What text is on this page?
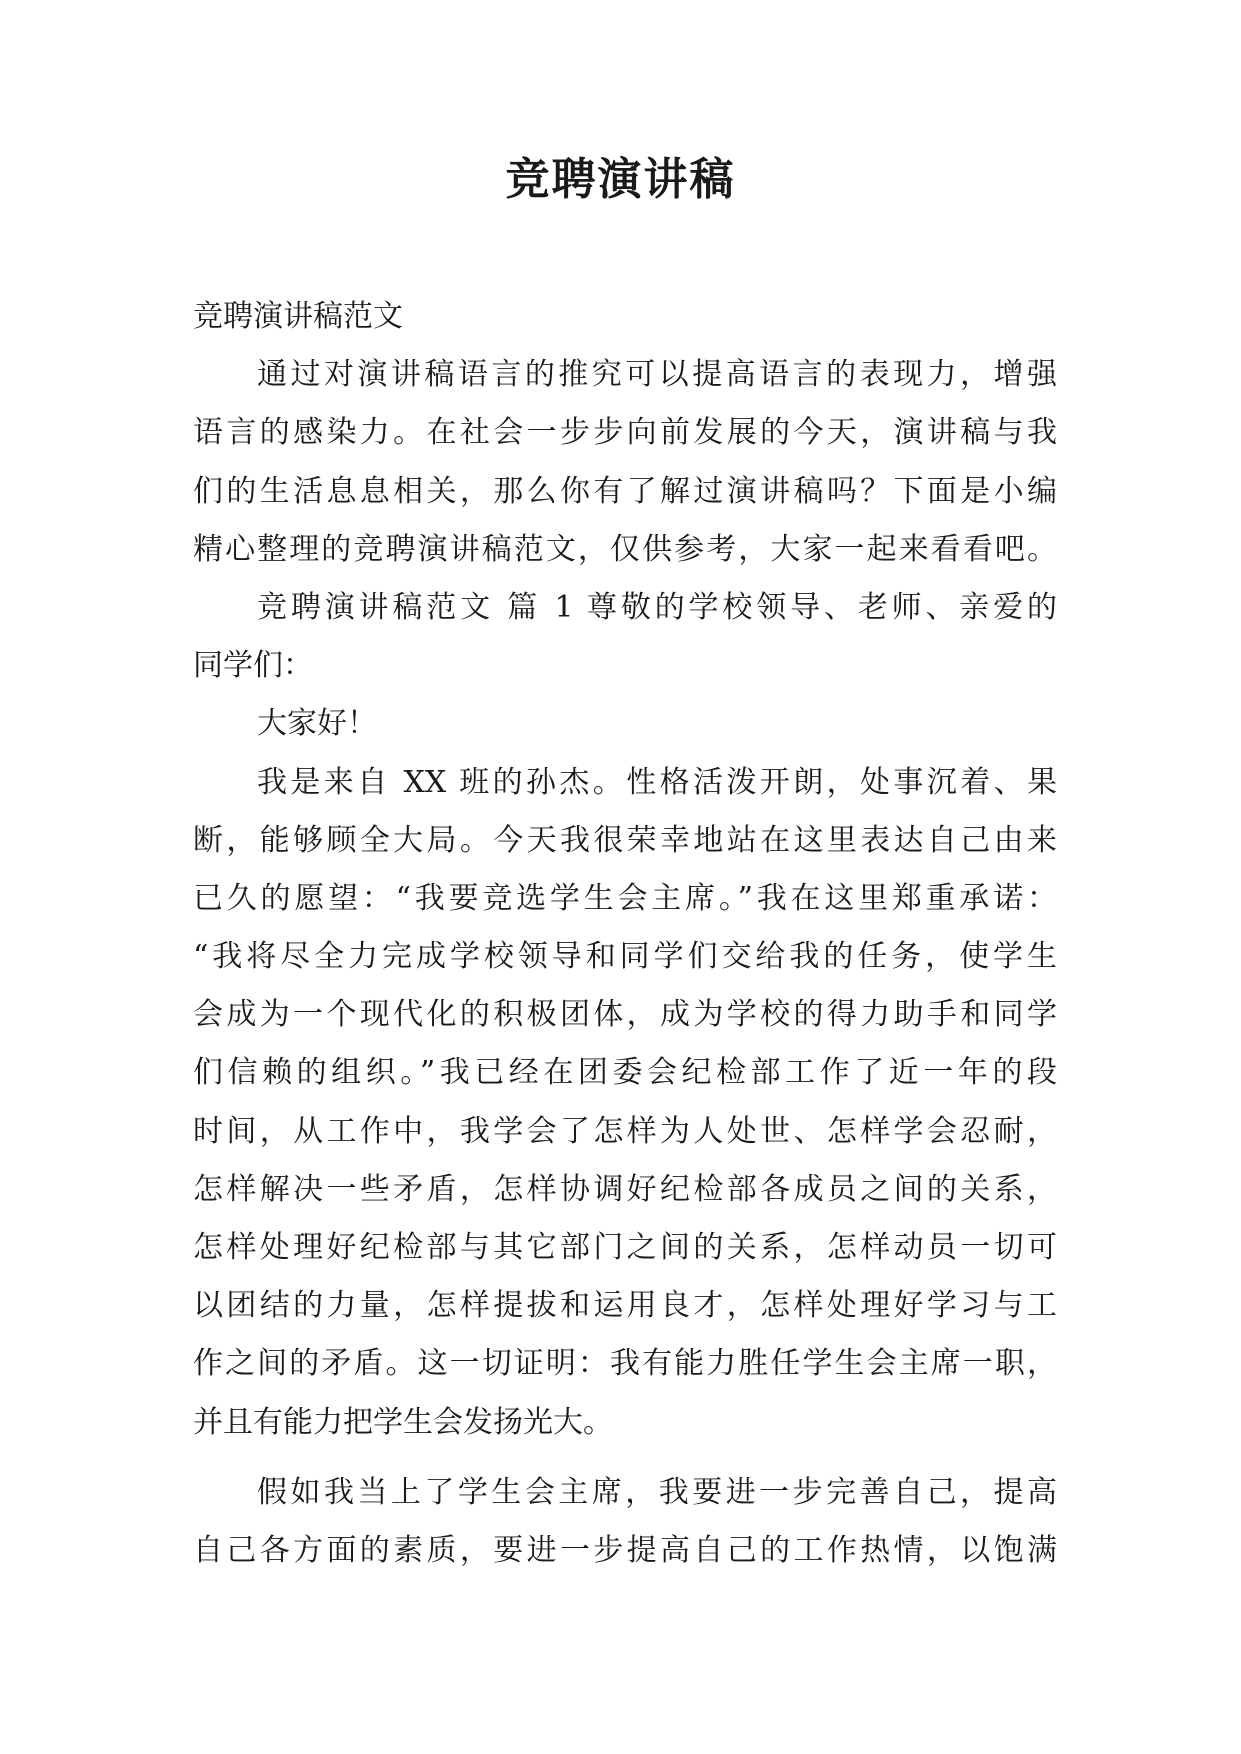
竞聘演讲稿
竞聘演讲稿范文
通过对演讲稿语言的推究可以提高语言的表现力，增强
语言的感染力。在社会一步步向前发展的今天，演讲稿与我
们的生活息息相关，那么你有了解过演讲稿吗？下面是小编
精心整理的竞聘演讲稿范文，仅供参考，大家一起来看看吧。
竞聘演讲稿范文 篇 1 尊敬的学校领导、老师、亲爱的
同学们：
大家好！
我是来自 XX 班的孙杰。性格活泼开朗，处事沉着、果
断，能够顾全大局。今天我很荣幸地站在这里表达自己由来
已久的愿望：“我要竞选学生会主席。”我在这里郑重承诺：
“我将尽全力完成学校领导和同学们交给我的任务，使学生
会成为一个现代化的积极团体，成为学校的得力助手和同学
们信赖的组织。”我已经在团委会纪检部工作了近一年的段
时间，从工作中，我学会了怎样为人处世、怎样学会忍耐，
怎样解决一些矛盾，怎样协调好纪检部各成员之间的关系，
怎样处理好纪检部与其它部门之间的关系，怎样动员一切可
以团结的力量，怎样提拔和运用良才，怎样处理好学习与工
作之间的矛盾。这一切证明：我有能力胜任学生会主席一职，
并且有能力把学生会发扬光大。
假如我当上了学生会主席，我要进一步完善自己，提高
自己各方面的素质，要进一步提高自己的工作热情，以饱满
